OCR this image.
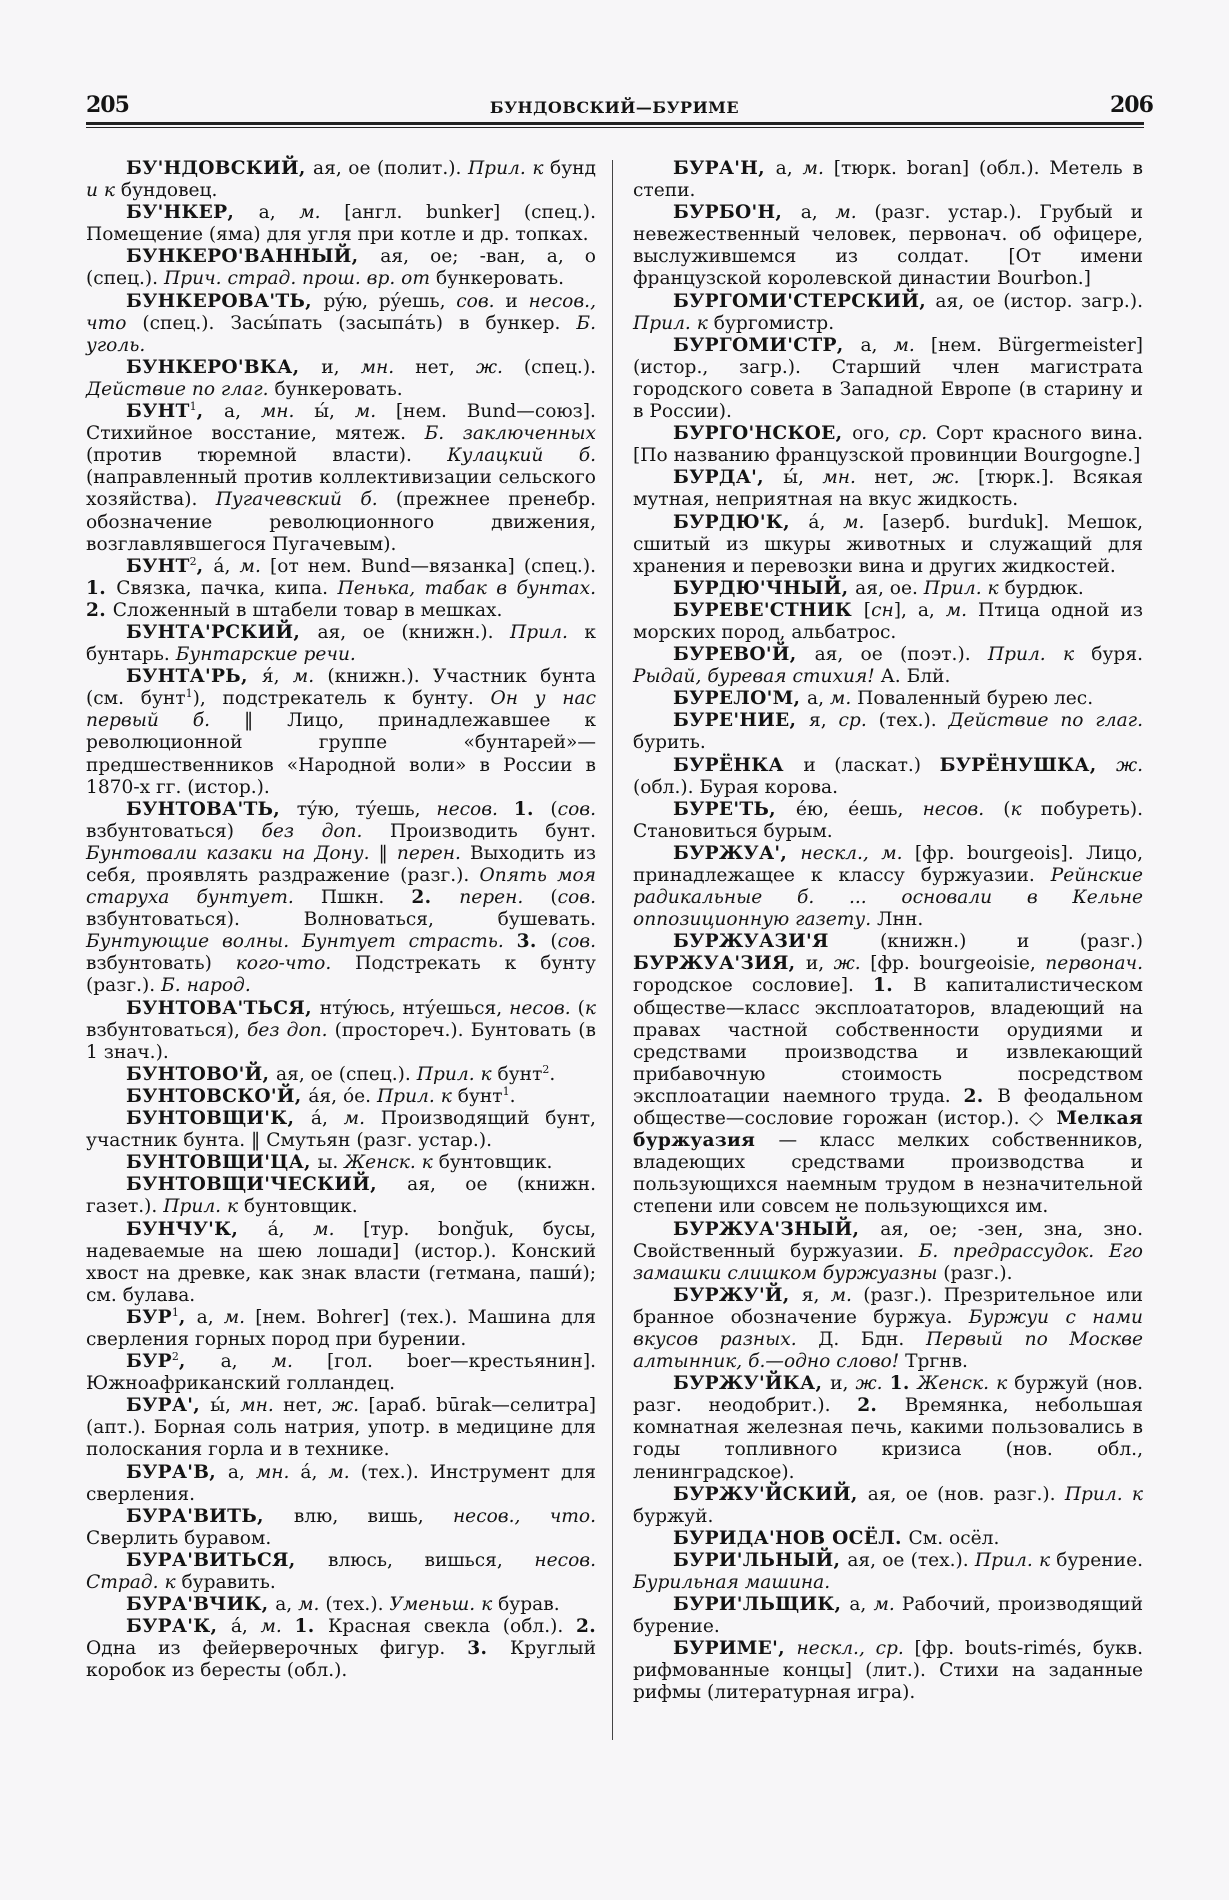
205	БУНДОВСКИЙ—БУРИМЕ	206

БУ'НДОВСКИЙ, ая, ое (полит.). Прил. к бунд и к бундовец.

БУ'НКЕР, а, м. [англ. bunker] (спец.). Помещение (яма) для угля при котле и др. топках.

БУНКЕРО'ВАННЫЙ, ая, ое; -ван, а, о (спец.). Прич. страд. прош. вр. от бункеровать.

БУНКЕРОВА'ТЬ, рýю, рýешь, сов. и несов., что (спец.). Засы́пать (засыпáть) в бункер. Б. уголь.

БУНКЕРО'ВКА, и, мн. нет, ж. (спец.). Действие по глаг. бункеровать.

БУНТ$^1$, а, мн. ы́, м. [нем. Bund—союз]. Стихийное восстание, мятеж. Б. заключенных (против тюремной власти). Кулацкий б. (направленный против коллективизации сельского хозяйства). Пугачевский б. (прежнее пренебр. обозначение революционного движения, возглавлявшегося Пугачевым).

БУНТ$^2$, á, м. [от нем. Bund—вязанка] (спец.). 1. Связка, пачка, кипа. Пенька, табак в бунтах. 2. Сложенный в штабели товар в мешках.

БУНТА'РСКИЙ, ая, ое (книжн.). Прил. к бунтарь. Бунтарские речи.

БУНТА'РЬ, я́, м. (книжн.). Участник бунта (см. бунт$^1$), подстрекатель к бунту. Он у нас первый б. ‖ Лицо, принадлежавшее к революционной группе «бунтарей»—предшественников «Народной воли» в России в 1870-х гг. (истор.).

БУНТОВА'ТЬ, тýю, тýешь, несов. 1. (сов. взбунтоваться) без доп. Производить бунт. Бунтовали казаки на Дону. ‖ перен. Выходить из себя, проявлять раздражение (разг.). Опять моя старуха бунтует. Пшкн. 2. перен. (сов. взбунтоваться). Волноваться, бушевать. Бунтующие волны. Бунтует страсть. 3. (сов. взбунтовать) кого-что. Подстрекать к бунту (разг.). Б. народ.

БУНТОВА'ТЬСЯ, нтýюсь, нтýешься, несов. (к взбунтоваться), без доп. (простореч.). Бунтовать (в 1 знач.).

БУНТОВО'Й, ая, ое (спец.). Прил. к бунт$^2$.

БУНТОВСКО'Й, áя, óе. Прил. к бунт$^1$.

БУНТОВЩИ'К, á, м. Производящий бунт, участник бунта. ‖ Смутьян (разг. устар.).

БУНТОВЩИ'ЦА, ы. Женск. к бунтовщик.

БУНТОВЩИ'ЧЕСКИЙ, ая, ое (книжн. газет.). Прил. к бунтовщик.

БУНЧУ'К, á, м. [тур. bonğuk, бусы, надеваемые на шею лошади] (истор.). Конский хвост на древке, как знак власти (гетмана, паши́); см. булава.

БУР$^1$, а, м. [нем. Bohrer] (тех.). Машина для сверления горных пород при бурении.

БУР$^2$, а, м. [гол. boer—крестьянин]. Южноафриканский голландец.

БУРА', ы́, мн. нет, ж. [араб. būrak—селитра] (апт.). Борная соль натрия, употр. в медицине для полоскания горла и в технике.

БУРА'В, а, мн. á, м. (тех.). Инструмент для сверления.

БУРА'ВИТЬ, влю, вишь, несов., что. Сверлить буравом.

БУРА'ВИТЬСЯ, влюсь, вишься, несов. Страд. к буравить.

БУРА'ВЧИК, а, м. (тех.). Уменьш. к бурав.

БУРА'К, á, м. 1. Красная свекла (обл.). 2. Одна из фейерверочных фигур. 3. Круглый коробок из бересты (обл.).

БУРА'Н, а, м. [тюрк. boran] (обл.). Метель в степи.

БУРБО'Н, а, м. (разг. устар.). Грубый и невежественный человек, первонач. об офицере, выслужившемся из солдат. [От имени французской королевской династии Bourbon.]

БУРГОМИ'СТЕРСКИЙ, ая, ое (истор. загр.). Прил. к бургомистр.

БУРГОМИ'СТР, а, м. [нем. Bürgermeister] (истор., загр.). Старший член магистрата городского совета в Западной Европе (в старину и в России).

БУРГО'НСКОЕ, ого, ср. Сорт красного вина. [По названию французской провинции Bourgogne.]

БУРДА', ы́, мн. нет, ж. [тюрк.]. Всякая мутная, неприятная на вкус жидкость.

БУРДЮ'К, á, м. [азерб. burduk]. Мешок, сшитый из шкуры животных и служащий для хранения и перевозки вина и других жидкостей.

БУРДЮ'ЧНЫЙ, ая, ое. Прил. к бурдюк.

БУРЕВЕ'СТНИК [сн], а, м. Птица одной из морских пород, альбатрос.

БУРЕВО'Й, ая, ое (поэт.). Прил. к буря. Рыдай, буревая стихия! А. Блй.

БУРЕЛО'М, а, м. Поваленный бурею лес.

БУРЕ'НИЕ, я, ср. (тех.). Действие по глаг. бурить.

БУРЁНКА и (ласкат.) БУРЁНУШКА, ж. (обл.). Бурая корова.

БУРЕ'ТЬ, éю, éешь, несов. (к побуреть). Становиться бурым.

БУРЖУА', нескл., м. [фр. bourgeois]. Лицо, принадлежащее к классу буржуазии. Рейнские радикальные б. ... основали в Кельне оппозиционную газету. Лнн.

БУРЖУАЗИ'Я (книжн.) и (разг.) БУРЖУА'ЗИЯ, и, ж. [фр. bourgeoisie, первонач. городское сословие]. 1. В капиталистическом обществе—класс эксплоататоров, владеющий на правах частной собственности орудиями и средствами производства и извлекающий прибавочную стоимость посредством эксплоатации наемного труда. 2. В феодальном обществе—сословие горожан (истор.). ◇ Мелкая буржуазия — класс мелких собственников, владеющих средствами производства и пользующихся наемным трудом в незначительной степени или совсем не пользующихся им.

БУРЖУА'ЗНЫЙ, ая, ое; -зен, зна, зно. Свойственный буржуазии. Б. предрассудок. Его замашки слишком буржуазны (разг.).

БУРЖУ'Й, я, м. (разг.). Презрительное или бранное обозначение буржуа. Буржуи с нами вкусов разных. Д. Бдн. Первый по Москве алтынник, б.—одно слово! Тргнв.

БУРЖУ'ЙКА, и, ж. 1. Женск. к буржуй (нов. разг. неодобрит.). 2. Времянка, небольшая комнатная железная печь, какими пользовались в годы топливного кризиса (нов. обл., ленинградское).

БУРЖУ'ЙСКИЙ, ая, ое (нов. разг.). Прил. к буржуй.

БУРИДА'НОВ ОСЁЛ. См. осёл.

БУРИ'ЛЬНЫЙ, ая, ое (тех.). Прил. к бурение. Бурильная машина.

БУРИ'ЛЬЩИК, а, м. Рабочий, производящий бурение.

БУРИМЕ', нескл., ср. [фр. bouts-rimés, букв. рифмованные концы] (лит.). Стихи на заданные рифмы (литературная игра).
